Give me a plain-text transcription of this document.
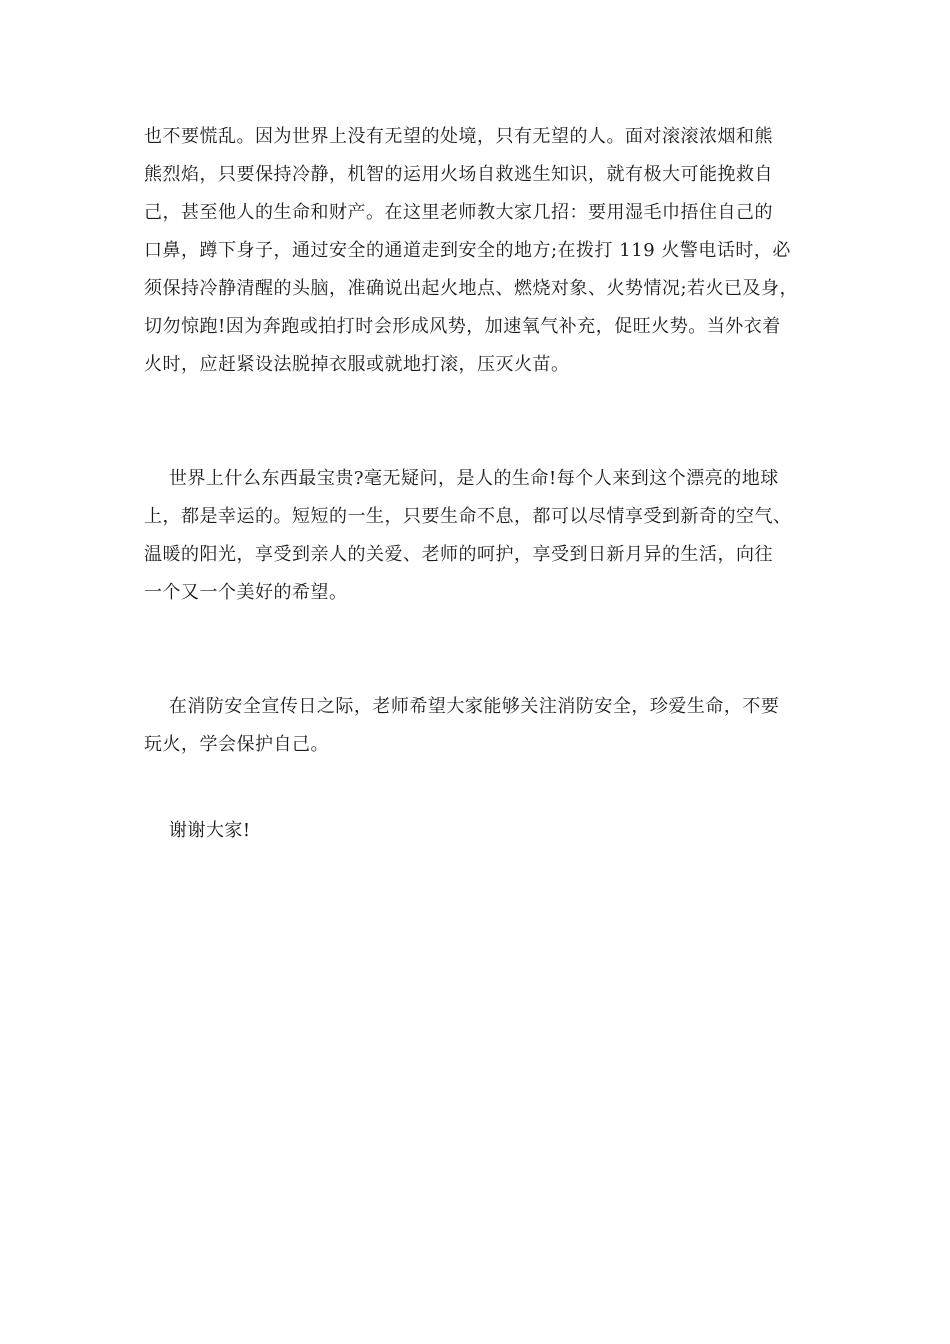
也不要慌乱。因为世界上没有无望的处境，只有无望的人。面对滚滚浓烟和熊
熊烈焰，只要保持冷静，机智的运用火场自救逃生知识，就有极大可能挽救自
己，甚至他人的生命和财产。在这里老师教大家几招：要用湿毛巾捂住自己的
口鼻，蹲下身子，通过安全的通道走到安全的地方;在拨打 119 火警电话时，必
须保持冷静清醒的头脑，准确说出起火地点、燃烧对象、火势情况;若火已及身，
切勿惊跑!因为奔跑或拍打时会形成风势，加速氧气补充，促旺火势。当外衣着
火时，应赶紧设法脱掉衣服或就地打滚，压灭火苗。
世界上什么东西最宝贵?毫无疑问，是人的生命!每个人来到这个漂亮的地球
上，都是幸运的。短短的一生，只要生命不息，都可以尽情享受到新奇的空气、
温暖的阳光，享受到亲人的关爱、老师的呵护，享受到日新月异的生活，向往
一个又一个美好的希望。
在消防安全宣传日之际，老师希望大家能够关注消防安全，珍爱生命，不要
玩火，学会保护自己。
谢谢大家!
